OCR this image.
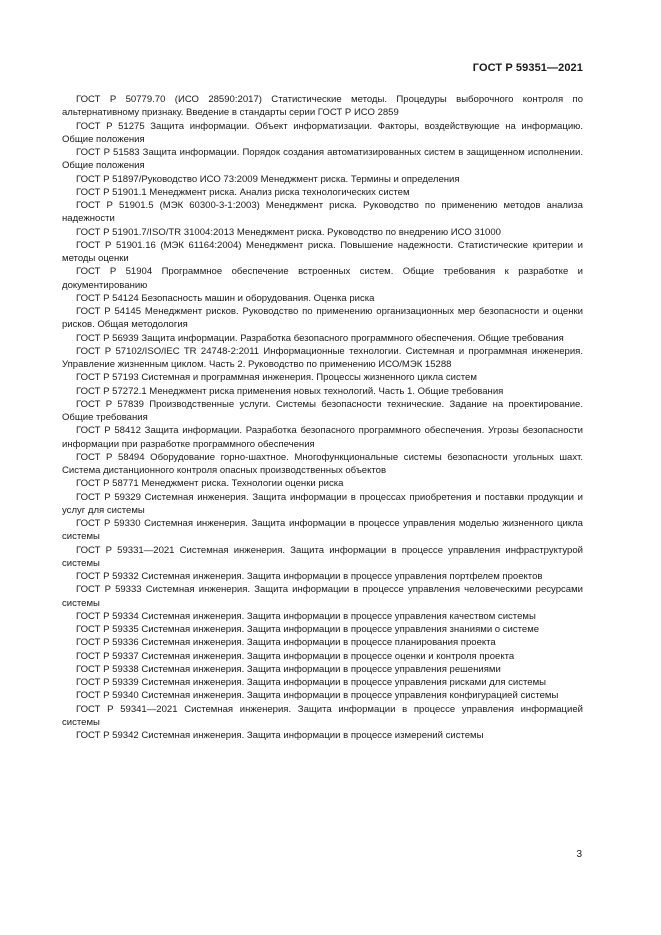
ГОСТ Р 59351—2021
ГОСТ Р 50779.70 (ИСО 28590:2017) Статистические методы. Процедуры выборочного контроля по альтернативному признаку. Введение в стандарты серии ГОСТ Р ИСО 2859
ГОСТ Р 51275 Защита информации. Объект информатизации. Факторы, воздействующие на информацию. Общие положения
ГОСТ Р 51583 Защита информации. Порядок создания автоматизированных систем в защищенном исполнении. Общие положения
ГОСТ Р 51897/Руководство ИСО 73:2009 Менеджмент риска. Термины и определения
ГОСТ Р 51901.1 Менеджмент риска. Анализ риска технологических систем
ГОСТ Р 51901.5 (МЭК 60300-3-1:2003) Менеджмент риска. Руководство по применению методов анализа надежности
ГОСТ Р 51901.7/ISO/TR 31004:2013 Менеджмент риска. Руководство по внедрению ИСО 31000
ГОСТ Р 51901.16 (МЭК 61164:2004) Менеджмент риска. Повышение надежности. Статистические критерии и методы оценки
ГОСТ Р 51904 Программное обеспечение встроенных систем. Общие требования к разработке и документированию
ГОСТ Р 54124 Безопасность машин и оборудования. Оценка риска
ГОСТ Р 54145 Менеджмент рисков. Руководство по применению организационных мер безопасности и оценки рисков. Общая методология
ГОСТ Р 56939 Защита информации. Разработка безопасного программного обеспечения. Общие требования
ГОСТ Р 57102/ISO/IEC TR 24748-2:2011 Информационные технологии. Системная и программная инженерия. Управление жизненным циклом. Часть 2. Руководство по применению ИСО/МЭК 15288
ГОСТ Р 57193 Системная и программная инженерия. Процессы жизненного цикла систем
ГОСТ Р 57272.1 Менеджмент риска применения новых технологий. Часть 1. Общие требования
ГОСТ Р 57839 Производственные услуги. Системы безопасности технические. Задание на проектирование. Общие требования
ГОСТ Р 58412 Защита информации. Разработка безопасного программного обеспечения. Угрозы безопасности информации при разработке программного обеспечения
ГОСТ Р 58494 Оборудование горно-шахтное. Многофункциональные системы безопасности угольных шахт. Система дистанционного контроля опасных производственных объектов
ГОСТ Р 58771 Менеджмент риска. Технологии оценки риска
ГОСТ Р 59329 Системная инженерия. Защита информации в процессах приобретения и поставки продукции и услуг для системы
ГОСТ Р 59330 Системная инженерия. Защита информации в процессе управления моделью жизненного цикла системы
ГОСТ Р 59331—2021 Системная инженерия. Защита информации в процессе управления инфраструктурой системы
ГОСТ Р 59332 Системная инженерия. Защита информации в процессе управления портфелем проектов
ГОСТ Р 59333 Системная инженерия. Защита информации в процессе управления человеческими ресурсами системы
ГОСТ Р 59334 Системная инженерия. Защита информации в процессе управления качеством системы
ГОСТ Р 59335 Системная инженерия. Защита информации в процессе управления знаниями о системе
ГОСТ Р 59336 Системная инженерия. Защита информации в процессе планирования проекта
ГОСТ Р 59337 Системная инженерия. Защита информации в процессе оценки и контроля проекта
ГОСТ Р 59338 Системная инженерия. Защита информации в процессе управления решениями
ГОСТ Р 59339 Системная инженерия. Защита информации в процессе управления рисками для системы
ГОСТ Р 59340 Системная инженерия. Защита информации в процессе управления конфигурацией системы
ГОСТ Р 59341—2021 Системная инженерия. Защита информации в процессе управления информацией системы
ГОСТ Р 59342 Системная инженерия. Защита информации в процессе измерений системы
3
